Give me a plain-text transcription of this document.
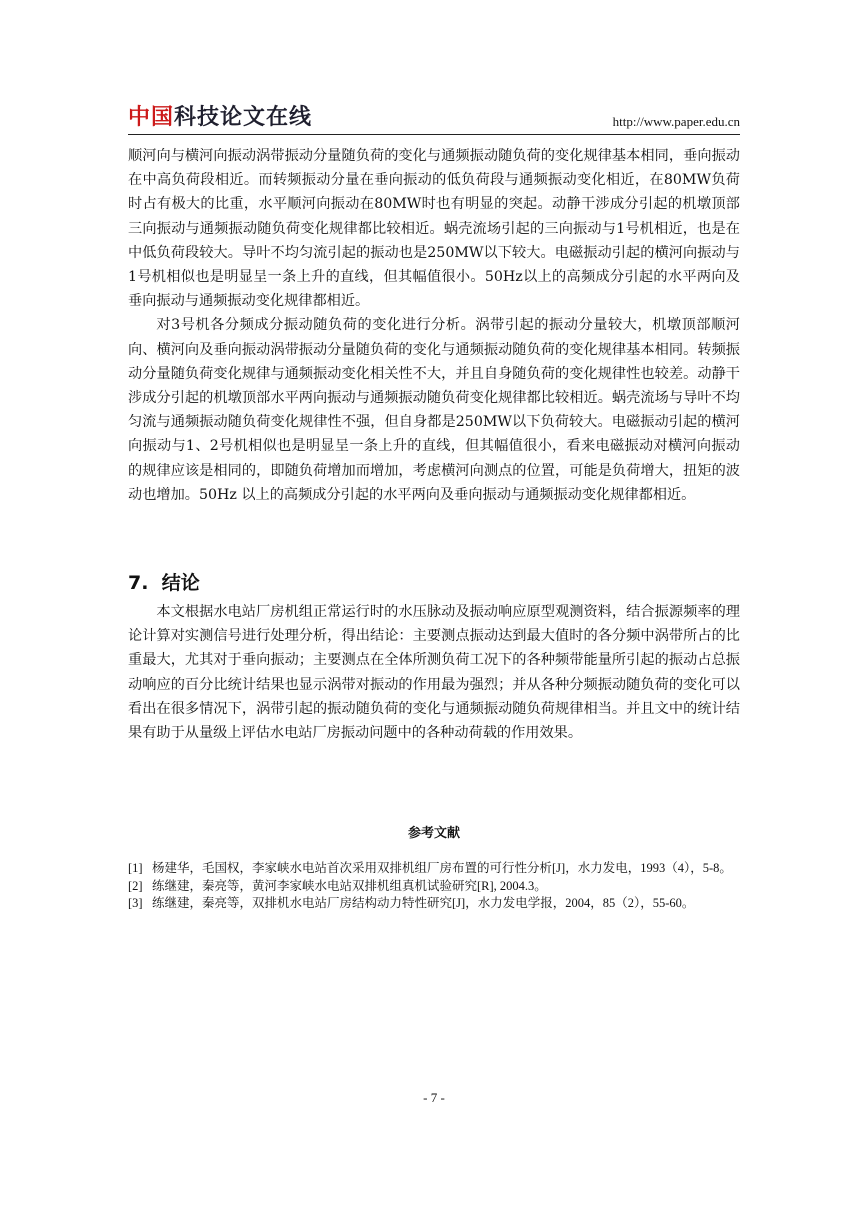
中国科技论文在线	http://www.paper.edu.cn

顺河向与横河向振动涡带振动分量随负荷的变化与通频振动随负荷的变化规律基本相同，垂向振动在中高负荷段相近。而转频振动分量在垂向振动的低负荷段与通频振动变化相近，在80MW负荷时占有极大的比重，水平顺河向振动在80MW时也有明显的突起。动静干涉成分引起的机墩顶部三向振动与通频振动随负荷变化规律都比较相近。蜗壳流场引起的三向振动与1号机相近，也是在中低负荷段较大。导叶不均匀流引起的振动也是250MW以下较大。电磁振动引起的横河向振动与1号机相似也是明显呈一条上升的直线，但其幅值很小。50Hz以上的高频成分引起的水平两向及垂向振动与通频振动变化规律都相近。

对3号机各分频成分振动随负荷的变化进行分析。涡带引起的振动分量较大，机墩顶部顺河向、横河向及垂向振动涡带振动分量随负荷的变化与通频振动随负荷的变化规律基本相同。转频振动分量随负荷变化规律与通频振动变化相关性不大，并且自身随负荷的变化规律性也较差。动静干涉成分引起的机墩顶部水平两向振动与通频振动随负荷变化规律都比较相近。蜗壳流场与导叶不均匀流与通频振动随负荷变化规律性不强，但自身都是250MW以下负荷较大。电磁振动引起的横河向振动与1、2号机相似也是明显呈一条上升的直线，但其幅值很小，看来电磁振动对横河向振动的规律应该是相同的，即随负荷增加而增加，考虑横河向测点的位置，可能是负荷增大，扭矩的波动也增加。50Hz 以上的高频成分引起的水平两向及垂向振动与通频振动变化规律都相近。

7. 结论

本文根据水电站厂房机组正常运行时的水压脉动及振动响应原型观测资料，结合振源频率的理论计算对实测信号进行处理分析，得出结论：主要测点振动达到最大值时的各分频中涡带所占的比重最大，尤其对于垂向振动；主要测点在全体所测负荷工况下的各种频带能量所引起的振动占总振动响应的百分比统计结果也显示涡带对振动的作用最为强烈；并从各种分频振动随负荷的变化可以看出在很多情况下，涡带引起的振动随负荷的变化与通频振动随负荷规律相当。并且文中的统计结果有助于从量级上评估水电站厂房振动问题中的各种动荷载的作用效果。

参考文献
[1] 杨建华，毛国权，李家峡水电站首次采用双排机组厂房布置的可行性分析[J]，水力发电，1993（4），5-8。
[2] 练继建，秦亮等，黄河李家峡水电站双排机组真机试验研究[R], 2004.3。
[3] 练继建，秦亮等，双排机水电站厂房结构动力特性研究[J]，水力发电学报，2004，85（2），55-60。
- 7 -
